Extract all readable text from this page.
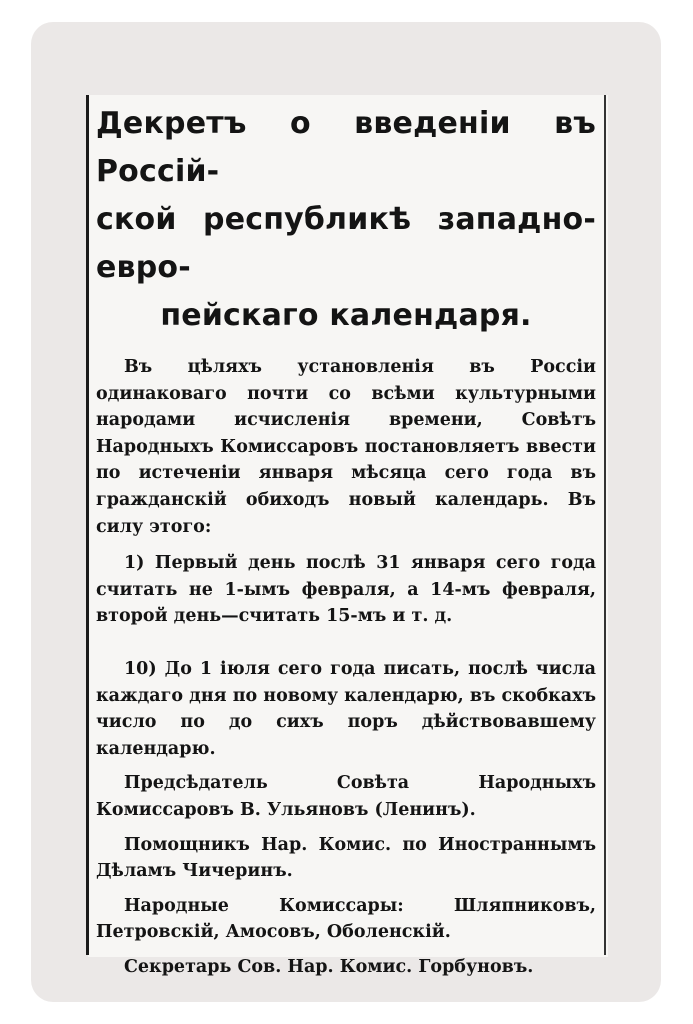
Декретъ о введенiи въ Россiй-
ской республикѣ западно-евро-
пейскаго календаря.

Въ цѣляхъ установленiя въ Россiи одинаковаго почти со всѣми культурными народами исчисленiя времени, Совѣтъ Народныхъ Комиссаровъ постановляетъ ввести по истеченiи января мѣсяца сего года въ гражданскiй обиходъ новый календарь. Въ силу этого:

1) Первый день послѣ 31 января сего года считать не 1-ымъ февраля, а 14-мъ февраля, второй день—считать 15-мъ и т. д.

10) До 1 iюля сего года писать, послѣ числа каждаго дня по новому календарю, въ скобкахъ число по до сихъ поръ дѣйствовавшему календарю.

Предсѣдатель Совѣта Народныхъ Комиссаровъ В. Ульяновъ (Ленинъ).

Помощникъ Нар. Комис. по Иностраннымъ Дѣламъ Чичеринъ.

Народные Комиссары: Шляпниковъ, Петровскiй, Амосовъ, Оболенскiй.

Секретарь Сов. Нар. Комис. Горбуновъ.
